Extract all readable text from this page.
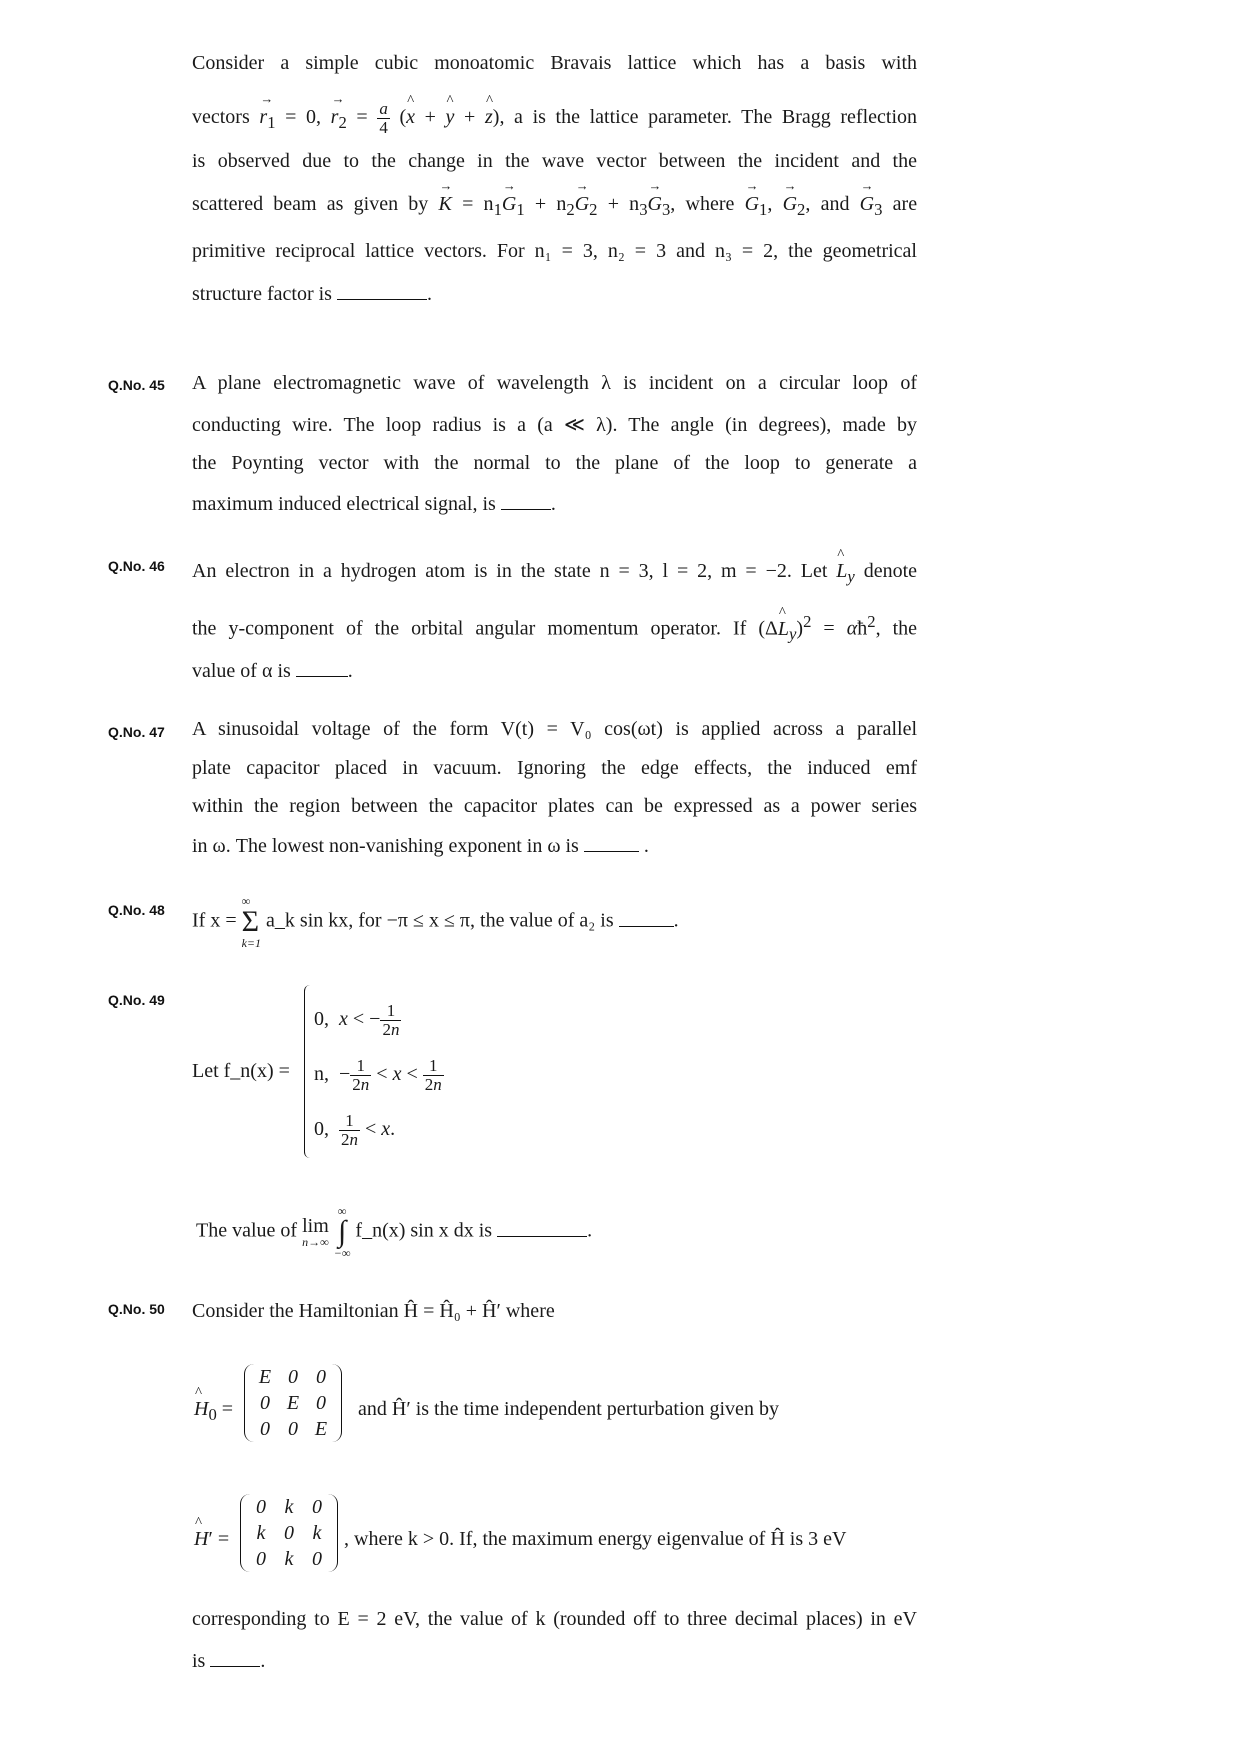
Consider a simple cubic monoatomic Bravais lattice which has a basis with
vectors → $r_1 = 0$, → $r_2 = \frac{a}{4}$ (^ x + ^ y + ^ z), a is the lattice parameter. The Bragg reflection
is observed due to the change in the wave vector between the incident and the
scattered beam as given by → $K = n_1\to G_1 + n_2\to G_2 + n_3\to G_3$, where → $G_1$, → $G_2$, and → $G_3$ are
primitive reciprocal lattice vectors. For n₁ = 3, n₂ = 3 and n₃ = 2, the geometrical
structure factor is	.
Q.No. 45 A plane electromagnetic wave of wavelength λ is incident on a circular loop of
conducting wire. The loop radius is a (a ≪ λ). The angle (in degrees), made by
the Poynting vector with the normal to the plane of the loop to generate a
maximum induced electrical signal, is	.
Q.No. 46 An electron in a hydrogen atom is in the state n = 3, l = 2, m = −2. Let ^ $L_y$ denote
the y-component of the orbital angular momentum operator. If (Δ^ $L_y)^2$ = $\alpha ħ^2$, the
value of α is	.
Q.No. 47 A sinusoidal voltage of the form V(t) = V₀ cos(ωt) is applied across a parallel
plate capacitor placed in vacuum. Ignoring the edge effects, the induced emf
within the region between the capacitor plates can be expressed as a power series
in ω. The lowest non-vanishing exponent in ω is	.
Q.No. 48 If x =
∞
Σ
k=1
a_k sin kx, for −π ≤ x ≤ π, the value of a₂ is	.
Q.No. 49
Let f_n(x) =
0, x < − $\frac{1}{2n}$
n,  − $\frac{1}{2n} < x < \frac{1}{2n}$
0, $\frac{1}{2n} < x$.
The value of lim
n→∞

∞
∫
−∞
f_n(x) sin x dx is	.
Q.No. 50 Consider the Hamiltonian Ĥ = Ĥ₀ + Ĥ′ where
^ $H_0$ =
E	0	0
0	E	0
0	0	E
and Ĥ′ is the time independent perturbation given by
^ H′ =
0	k	0
k	0	k
0	k	0
, where k > 0. If, the maximum energy eigenvalue of Ĥ is 3 eV
corresponding to E = 2 eV, the value of k (rounded off to three decimal places) in eV
is	.
